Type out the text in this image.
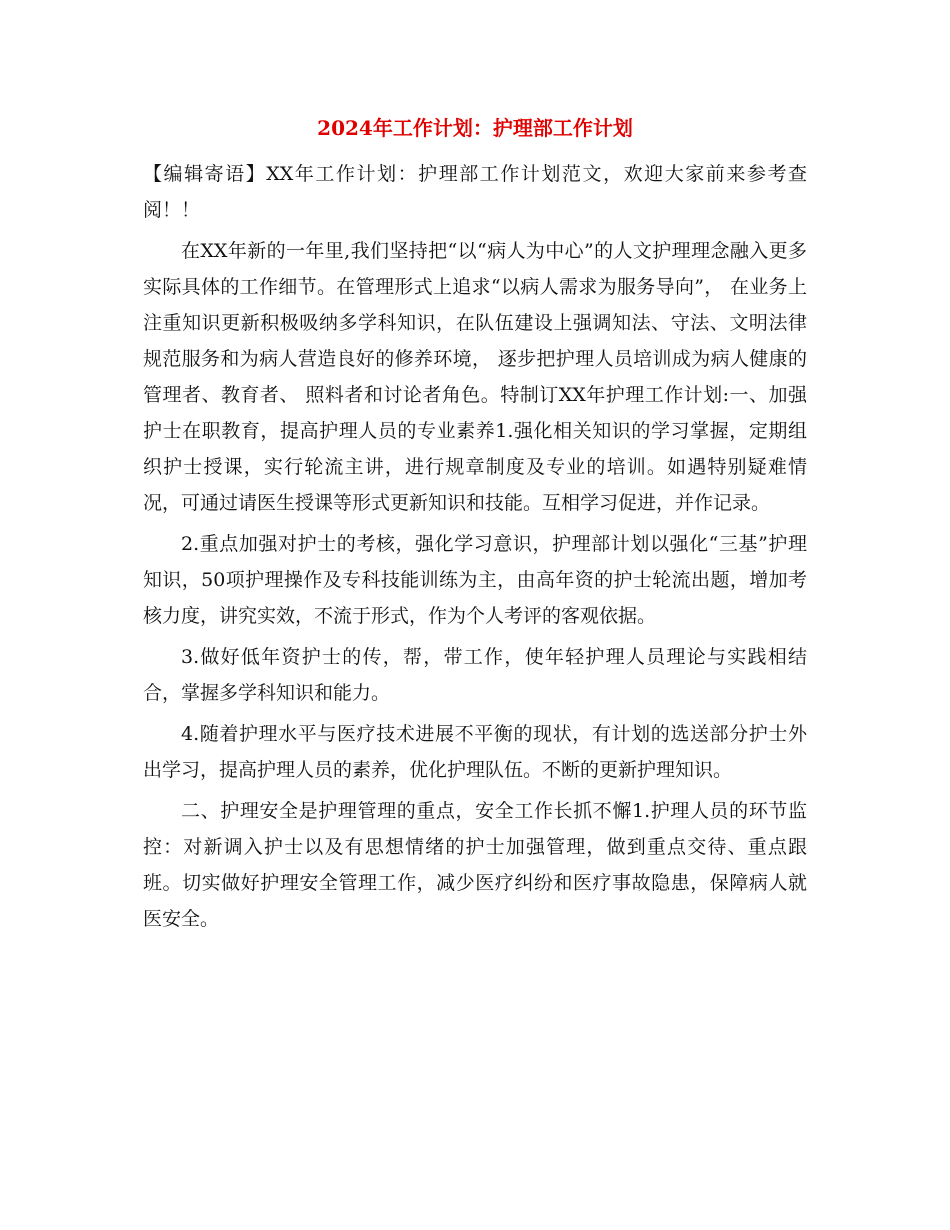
2024年工作计划：护理部工作计划

【编辑寄语】XX年工作计划：护理部工作计划范文，欢迎大家前来参考查阅！！

在XX年新的一年里,我们坚持把“以“病人为中心”的人文护理理念融入更多实际具体的工作细节。在管理形式上追求“以病人需求为服务导向”， 在业务上注重知识更新积极吸纳多学科知识，在队伍建设上强调知法、守法、文明法律规范服务和为病人营造良好的修养环境， 逐步把护理人员培训成为病人健康的管理者、教育者、 照料者和讨论者角色。特制订XX年护理工作计划:一、加强护士在职教育，提高护理人员的专业素养1.强化相关知识的学习掌握，定期组织护士授课，实行轮流主讲，进行规章制度及专业的培训。如遇特别疑难情况，可通过请医生授课等形式更新知识和技能。互相学习促进，并作记录。

2.重点加强对护士的考核，强化学习意识，护理部计划以强化“三基”护理知识，50项护理操作及专科技能训练为主，由高年资的护士轮流出题，增加考核力度，讲究实效，不流于形式，作为个人考评的客观依据。

3.做好低年资护士的传，帮，带工作，使年轻护理人员理论与实践相结合，掌握多学科知识和能力。

4.随着护理水平与医疗技术进展不平衡的现状，有计划的选送部分护士外出学习，提高护理人员的素养，优化护理队伍。不断的更新护理知识。

二、护理安全是护理管理的重点，安全工作长抓不懈1.护理人员的环节监控：对新调入护士以及有思想情绪的护士加强管理，做到重点交待、重点跟班。切实做好护理安全管理工作，减少医疗纠纷和医疗事故隐患，保障病人就医安全。
